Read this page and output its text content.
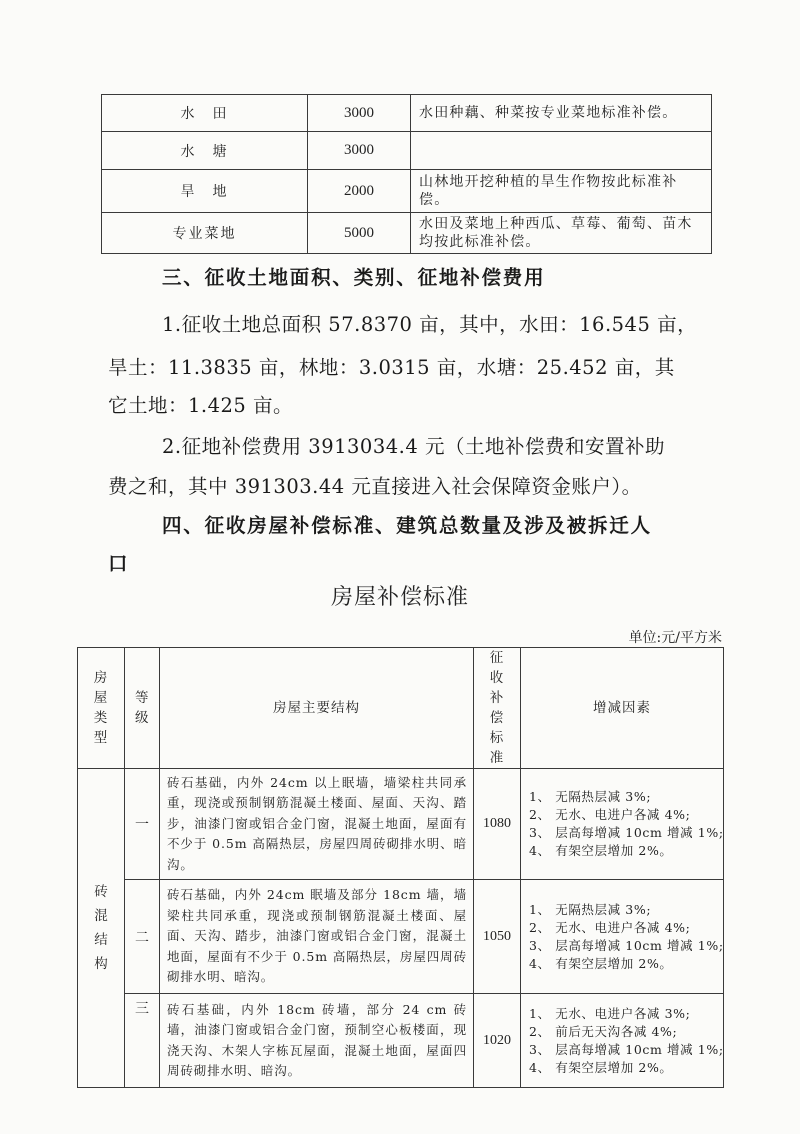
水　田	3000	水田种藕、种菜按专业菜地标准补偿。
水　塘	3000	
旱　地	2000	山林地开挖种植的旱生作物按此标准补偿。
专业菜地	5000	水田及菜地上种西瓜、草莓、葡萄、苗木均按此标准补偿。
三、征收土地面积、类别、征地补偿费用
1.征收土地总面积 57.8370 亩，其中，水田：16.545 亩，
旱土：11.3835 亩，林地：3.0315 亩，水塘：25.452 亩，其
它土地：1.425 亩。
2.征地补偿费用 3913034.4 元（土地补偿费和安置补助
费之和，其中 391303.44 元直接进入社会保障资金账户）。
四、征收房屋补偿标准、建筑总数量及涉及被拆迁人
口
房屋补偿标准
单位:元/平方米
房屋类型	等级	房屋主要结构	征收补偿标准	增减因素
砖混结构	一	砖石基础，内外 24cm 以上眠墙，墙梁柱共同承重，现浇或预制钢筋混凝土楼面、屋面、天沟、踏步，油漆门窗或铝合金门窗，混凝土地面，屋面有不少于 0.5m 高隔热层，房屋四周砖砌排水明、暗沟。	1080	1、 无隔热层减 3%;
2、 无水、电进户各减 4%;
3、 层高每增减 10cm 增减 1%;
4、 有架空层增加 2%。

	二	砖石基础，内外 24cm 眠墙及部分 18cm 墙，墙梁柱共同承重，现浇或预制钢筋混凝土楼面、屋面、天沟、踏步，油漆门窗或铝合金门窗，混凝土地面，屋面有不少于 0.5m 高隔热层，房屋四周砖砌排水明、暗沟。	1050	1、 无隔热层减 3%;
2、 无水、电进户各减 4%;
3、 层高每增减 10cm 增减 1%;
4、 有架空层增加 2%。

	三	砖石基础，内外 18cm 砖墙，部分 24 cm 砖墙，油漆门窗或铝合金门窗，预制空心板楼面，现浇天沟、木架人字栋瓦屋面，混凝土地面，屋面四周砖砌排水明、暗沟。	1020	1、 无水、电进户各减 3%;
2、 前后无天沟各减 4%;
3、 层高每增减 10cm 增减 1%;
4、 有架空层增加 2%。
